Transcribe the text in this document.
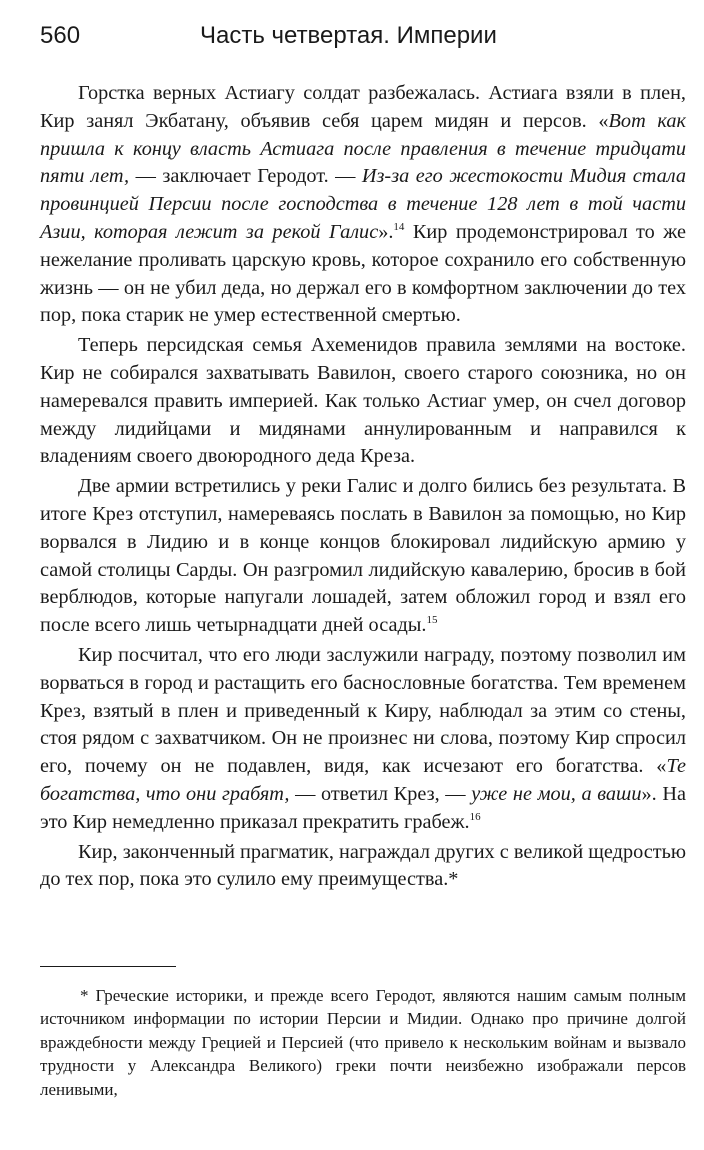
560	Часть четвертая. Империи

Горстка верных Астиагу солдат разбежалась. Астиага взяли в плен, Кир занял Экбатану, объявив себя царем мидян и персов. «Вот как пришла к концу власть Астиага после правления в течение тридцати пяти лет, — заключает Геродот. — Из-за его жестокости Мидия стала провинцией Персии после господства в течение 128 лет в той части Азии, которая лежит за рекой Галис».$^{14}$ Кир продемонстрировал то же нежелание проливать царскую кровь, которое сохранило его собственную жизнь — он не убил деда, но держал его в комфортном заключении до тех пор, пока старик не умер естественной смертью.

Теперь персидская семья Ахеменидов правила землями на востоке. Кир не собирался захватывать Вавилон, своего старого союзника, но он намеревался править империей. Как только Астиаг умер, он счел договор между лидийцами и мидянами аннулированным и направился к владениям своего двоюродного деда Креза.

Две армии встретились у реки Галис и долго бились без результата. В итоге Крез отступил, намереваясь послать в Вавилон за помощью, но Кир ворвался в Лидию и в конце концов блокировал лидийскую армию у самой столицы Сарды. Он разгромил лидийскую кавалерию, бросив в бой верблюдов, которые напугали лошадей, затем обложил город и взял его после всего лишь четырнадцати дней осады.$^{15}$

Кир посчитал, что его люди заслужили награду, поэтому позволил им ворваться в город и растащить его баснословные богатства. Тем временем Крез, взятый в плен и приведенный к Киру, наблюдал за этим со стены, стоя рядом с захватчиком. Он не произнес ни слова, поэтому Кир спросил его, почему он не подавлен, видя, как исчезают его богатства. «Те богатства, что они грабят, — ответил Крез, — уже не мои, а ваши». На это Кир немедленно приказал прекратить грабеж.$^{16}$

Кир, законченный прагматик, награждал других с великой щедростью до тех пор, пока это сулило ему преимущества.*

* Греческие историки, и прежде всего Геродот, являются нашим самым полным источником информации по истории Персии и Мидии. Однако про причине долгой враждебности между Грецией и Персией (что привело к нескольким войнам и вызвало трудности у Александра Великого) греки почти неизбежно изображали персов ленивыми,
